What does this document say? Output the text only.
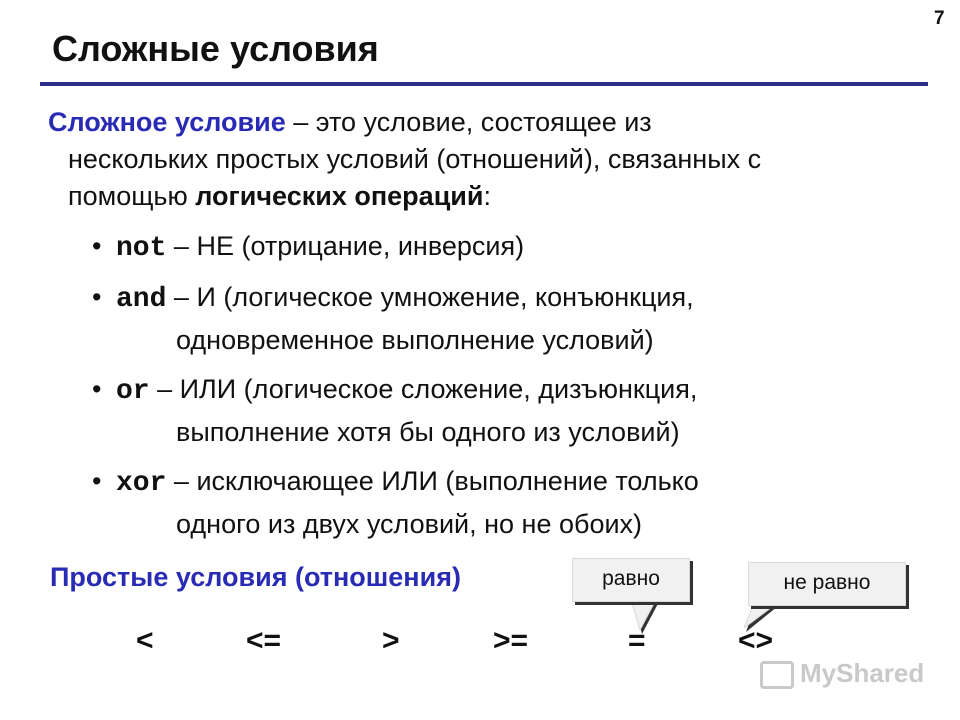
7
Сложные условия
Сложное условие – это условие, состоящее из
нескольких простых условий (отношений), связанных с
помощью логических операций:
• not – НЕ (отрицание, инверсия)
• and – И (логическое умножение, конъюнкция,
одновременное выполнение условий)
• or – ИЛИ (логическое сложение, дизъюнкция,
выполнение хотя бы одного из условий)
• xor – исключающее ИЛИ (выполнение только
одного из двух условий, но не обоих)
Простые условия (отношения)	равно	не равно
<	<=	>	>=	=	<>
MyShared
